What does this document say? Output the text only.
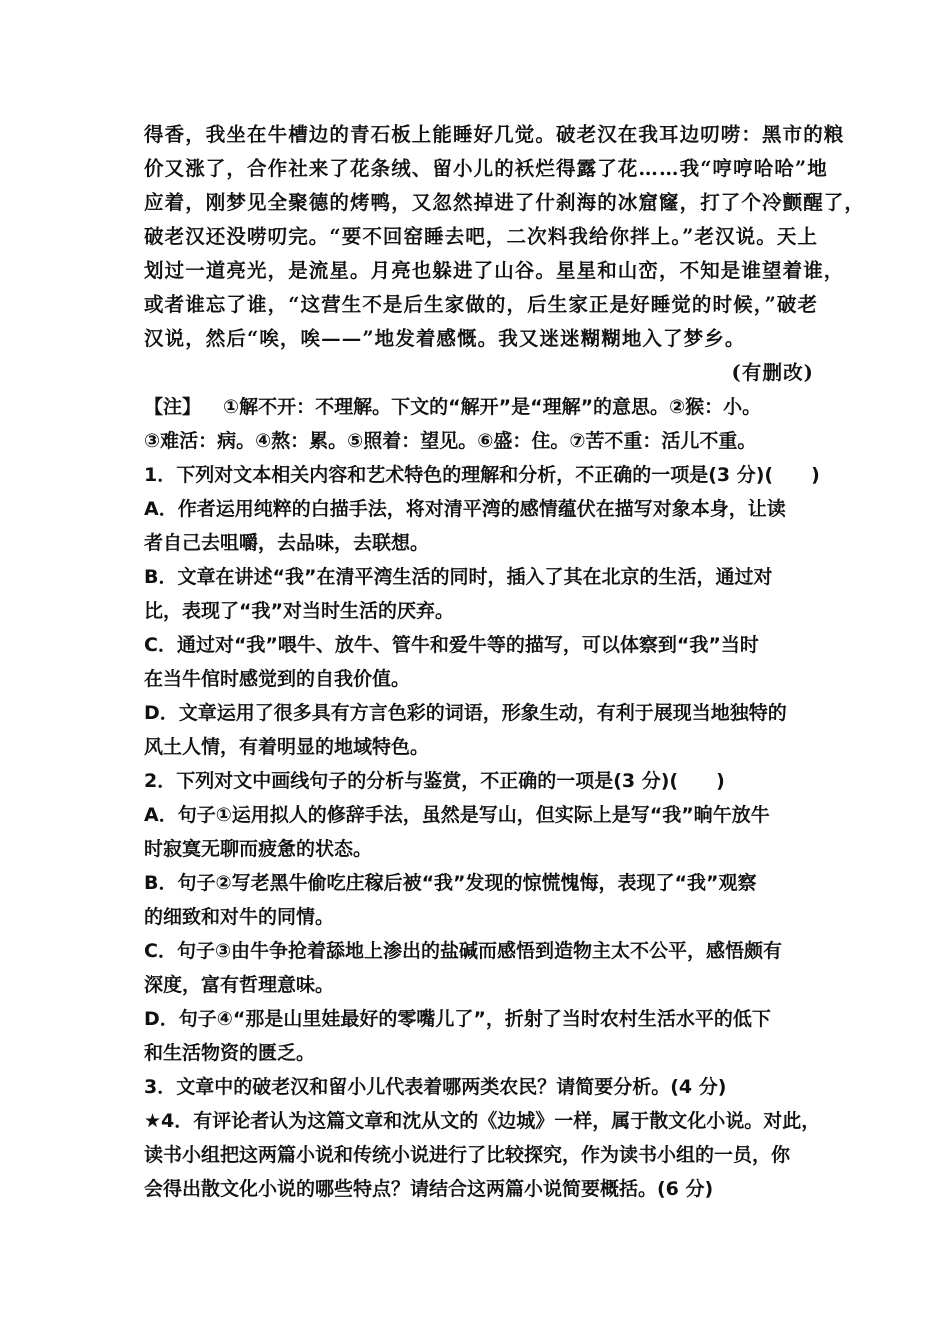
得香，我坐在牛槽边的青石板上能睡好几觉。破老汉在我耳边叨唠：黑市的粮
价又涨了，合作社来了花条绒、留小儿的袄烂得露了花……我“哼哼哈哈”地
应着，刚梦见全聚德的烤鸭，又忽然掉进了什刹海的冰窟窿，打了个冷颤醒了，
破老汉还没唠叨完。“要不回窑睡去吧，二次料我给你拌上。”老汉说。天上
划过一道亮光，是流星。月亮也躲进了山谷。星星和山峦，不知是谁望着谁，
或者谁忘了谁，“这营生不是后生家做的，后生家正是好睡觉的时候，”破老
汉说，然后“唉，唉——”地发着感慨。我又迷迷糊糊地入了梦乡。
(有删改)
【注】 ①解不开：不理解。下文的“解开”是“理解”的意思。②猴：小。
③难活：病。④熬：累。⑤照着：望见。⑥盛：住。⑦苦不重：活儿不重。
1．下列对文本相关内容和艺术特色的理解和分析，不正确的一项是(3 分)(　　)
A．作者运用纯粹的白描手法，将对清平湾的感情蕴伏在描写对象本身，让读
者自己去咀嚼，去品味，去联想。
B．文章在讲述“我”在清平湾生活的同时，插入了其在北京的生活，通过对
比，表现了“我”对当时生活的厌弃。
C．通过对“我”喂牛、放牛、管牛和爱牛等的描写，可以体察到“我”当时
在当牛倌时感觉到的自我价值。
D．文章运用了很多具有方言色彩的词语，形象生动，有利于展现当地独特的
风土人情，有着明显的地域特色。
2．下列对文中画线句子的分析与鉴赏，不正确的一项是(3 分)(　　)
A．句子①运用拟人的修辞手法，虽然是写山，但实际上是写“我”晌午放牛
时寂寞无聊而疲惫的状态。
B．句子②写老黑牛偷吃庄稼后被“我”发现的惊慌愧悔，表现了“我”观察
的细致和对牛的同情。
C．句子③由牛争抢着舔地上渗出的盐碱而感悟到造物主太不公平，感悟颇有
深度，富有哲理意味。
D．句子④“那是山里娃最好的零嘴儿了”，折射了当时农村生活水平的低下
和生活物资的匮乏。
3．文章中的破老汉和留小儿代表着哪两类农民？请简要分析。(4 分)
★4．有评论者认为这篇文章和沈从文的《边城》一样，属于散文化小说。对此，
读书小组把这两篇小说和传统小说进行了比较探究，作为读书小组的一员，你
会得出散文化小说的哪些特点？请结合这两篇小说简要概括。(6 分)
